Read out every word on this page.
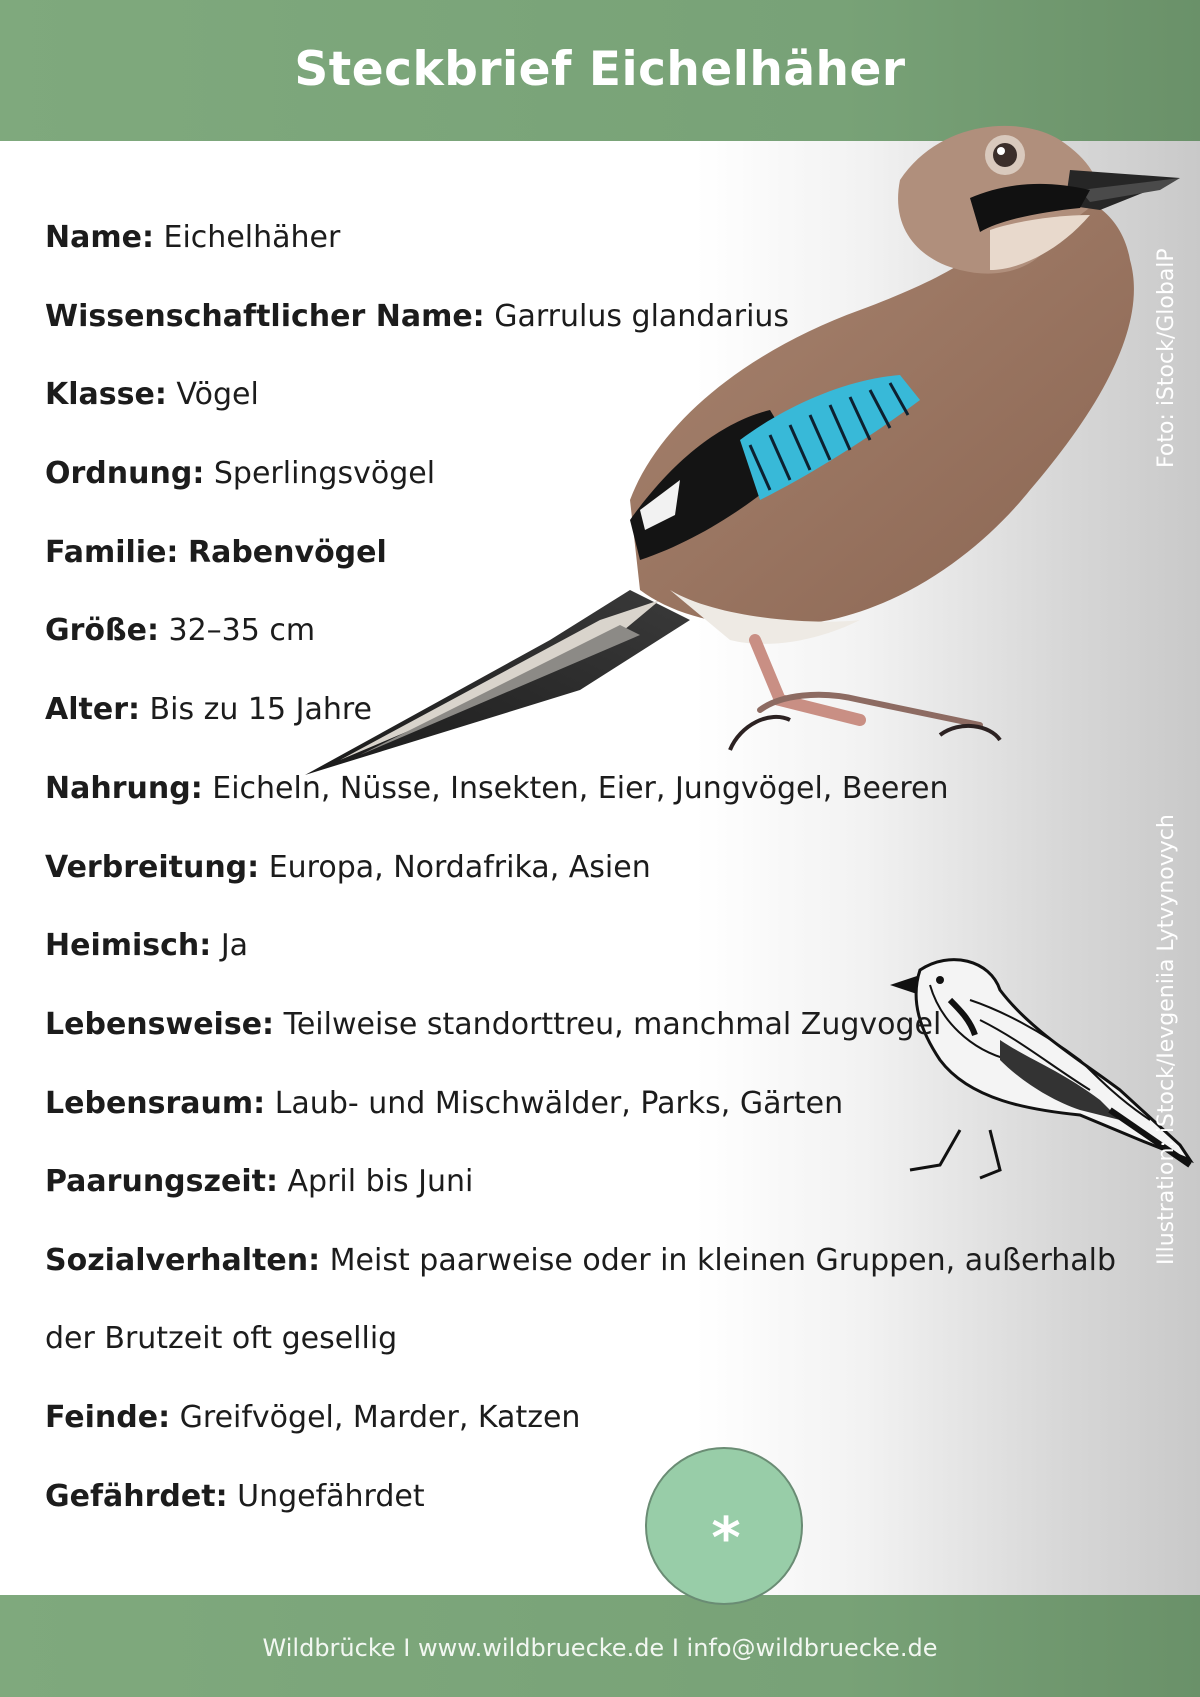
Steckbrief Eichelhäher
Name: Eichelhäher
Wissenschaftlicher Name: Garrulus glandarius
Klasse: Vögel
Ordnung: Sperlingsvögel
Familie: Rabenvögel
Größe: 32–35 cm
Alter: Bis zu 15 Jahre
Nahrung: Eicheln, Nüsse, Insekten, Eier, Jungvögel, Beeren
Verbreitung: Europa, Nordafrika, Asien
Heimisch: Ja
Lebensweise: Teilweise standorttreu, manchmal Zugvogel
Lebensraum: Laub- und Mischwälder, Parks, Gärten
Paarungszeit: April bis Juni
Sozialverhalten: Meist paarweise oder in kleinen Gruppen, außerhalb der Brutzeit oft gesellig
Feinde: Greifvögel, Marder, Katzen
Gefährdet: Ungefährdet
Foto: iStock/GlobalP
Illustration: iStock/Ievgeniia Lytvynovych
*
Wildbrücke I www.wildbruecke.de I info@wildbruecke.de
